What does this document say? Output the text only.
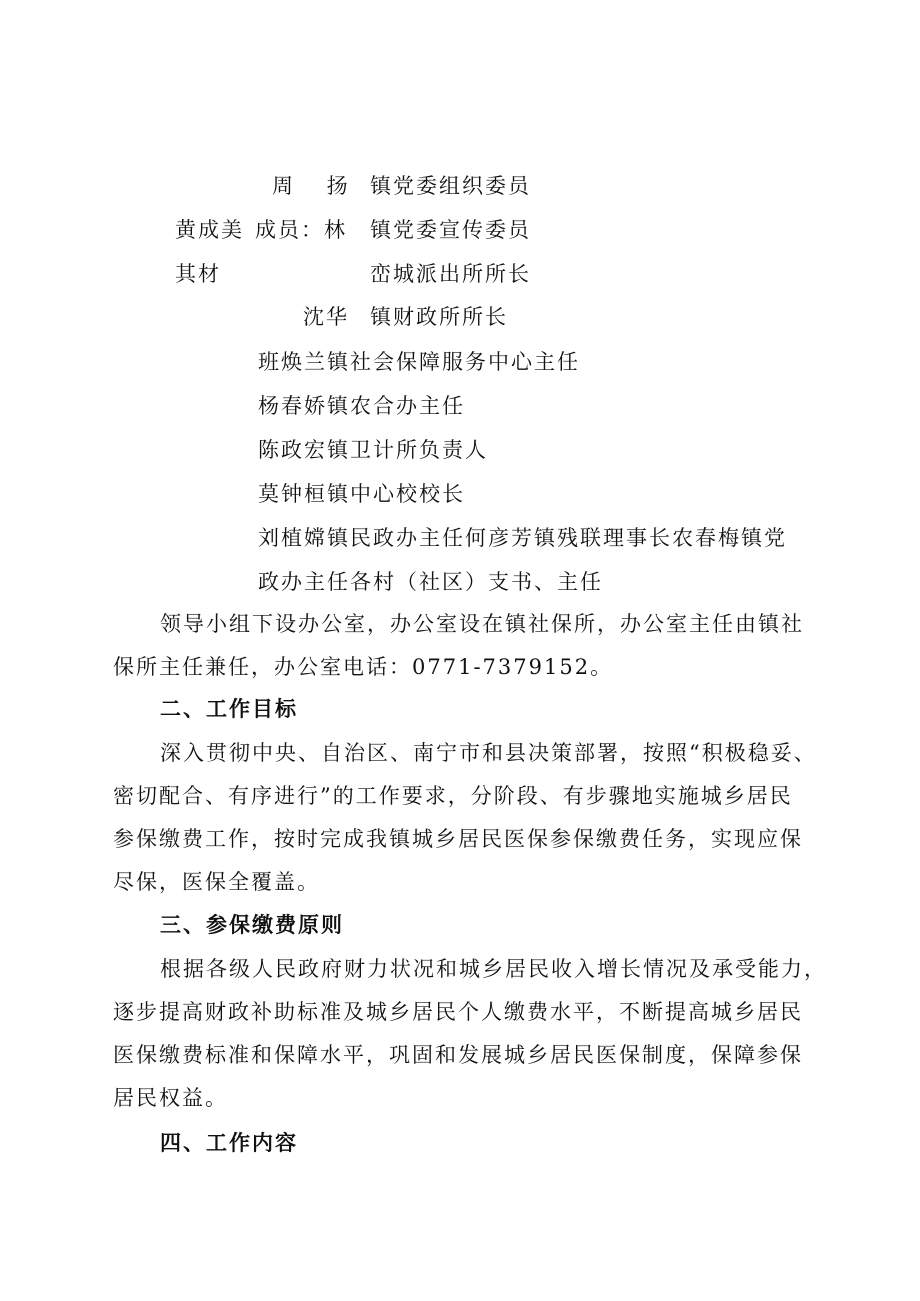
周　 扬 镇党委组织委员
黄成美 成员：林 镇党委宣传委员
其材	峦城派出所所长
沈华 镇财政所所长
班焕兰镇社会保障服务中心主任
杨春娇镇农合办主任
陈政宏镇卫计所负责人
莫钟桓镇中心校校长
刘植嫦镇民政办主任何彦芳镇残联理事长农春梅镇党
政办主任各村（社区）支书、主任
领导小组下设办公室，办公室设在镇社保所，办公室主任由镇社
保所主任兼任，办公室电话：0771-7379152。
二、工作目标
深入贯彻中央、自治区、南宁市和县决策部署，按照“积极稳妥、
密切配合、有序进行”的工作要求，分阶段、有步骤地实施城乡居民
参保缴费工作，按时完成我镇城乡居民医保参保缴费任务，实现应保
尽保，医保全覆盖。
三、参保缴费原则
根据各级人民政府财力状况和城乡居民收入增长情况及承受能力，
逐步提高财政补助标准及城乡居民个人缴费水平，不断提高城乡居民
医保缴费标准和保障水平，巩固和发展城乡居民医保制度，保障参保
居民权益。
四、工作内容
